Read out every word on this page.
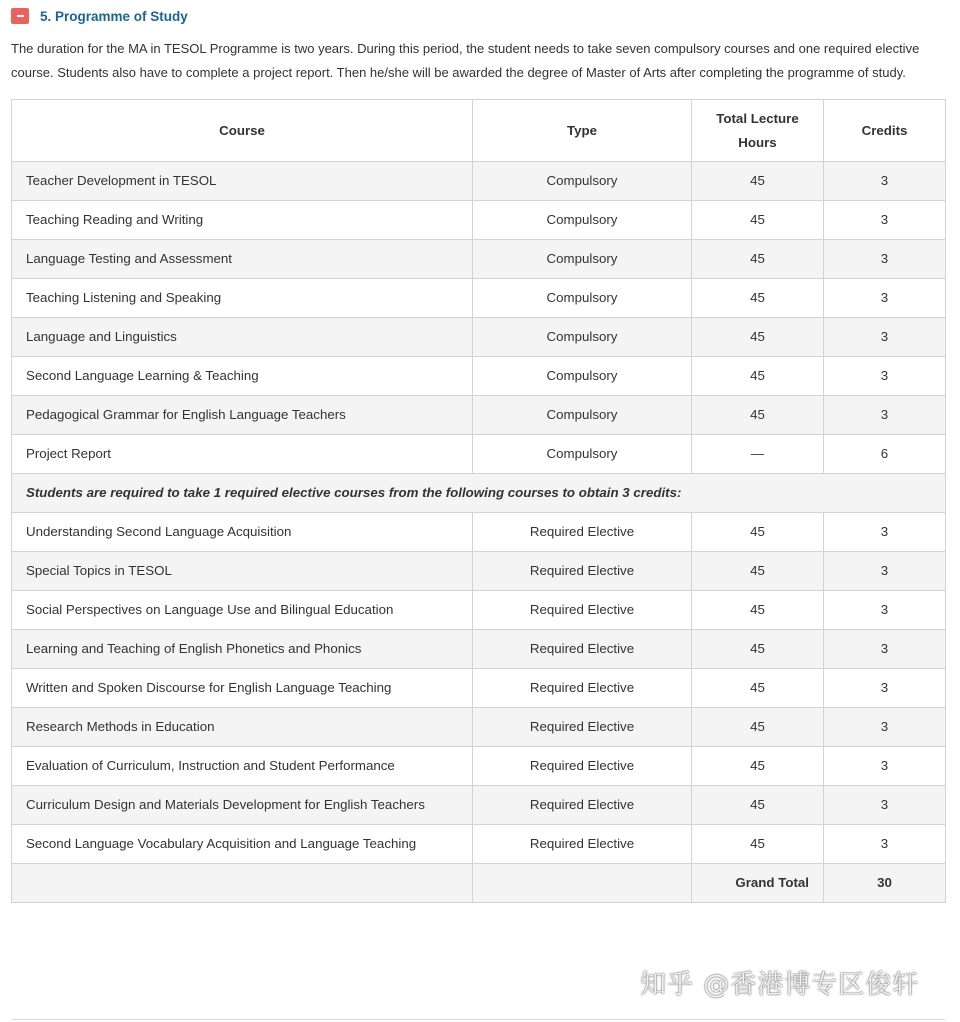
5. Programme of Study

The duration for the MA in TESOL Programme is two years. During this period, the student needs to take seven compulsory courses and one required elective course. Students also have to complete a project report. Then he/she will be awarded the degree of Master of Arts after completing the programme of study.

Course	Type	Total Lecture Hours	Credits
Teacher Development in TESOL	Compulsory	45	3
Teaching Reading and Writing	Compulsory	45	3
Language Testing and Assessment	Compulsory	45	3
Teaching Listening and Speaking	Compulsory	45	3
Language and Linguistics	Compulsory	45	3
Second Language Learning & Teaching	Compulsory	45	3
Pedagogical Grammar for English Language Teachers	Compulsory	45	3
Project Report	Compulsory	—	6
Students are required to take 1 required elective courses from the following courses to obtain 3 credits:			
Understanding Second Language Acquisition	Required Elective	45	3
Special Topics in TESOL	Required Elective	45	3
Social Perspectives on Language Use and Bilingual Education	Required Elective	45	3
Learning and Teaching of English Phonetics and Phonics	Required Elective	45	3
Written and Spoken Discourse for English Language Teaching	Required Elective	45	3
Research Methods in Education	Required Elective	45	3
Evaluation of Curriculum, Instruction and Student Performance	Required Elective	45	3
Curriculum Design and Materials Development for English Teachers	Required Elective	45	3
Second Language Vocabulary Acquisition and Language Teaching	Required Elective	45	3
		Grand Total	30
知乎 @香港博专区俊轩
